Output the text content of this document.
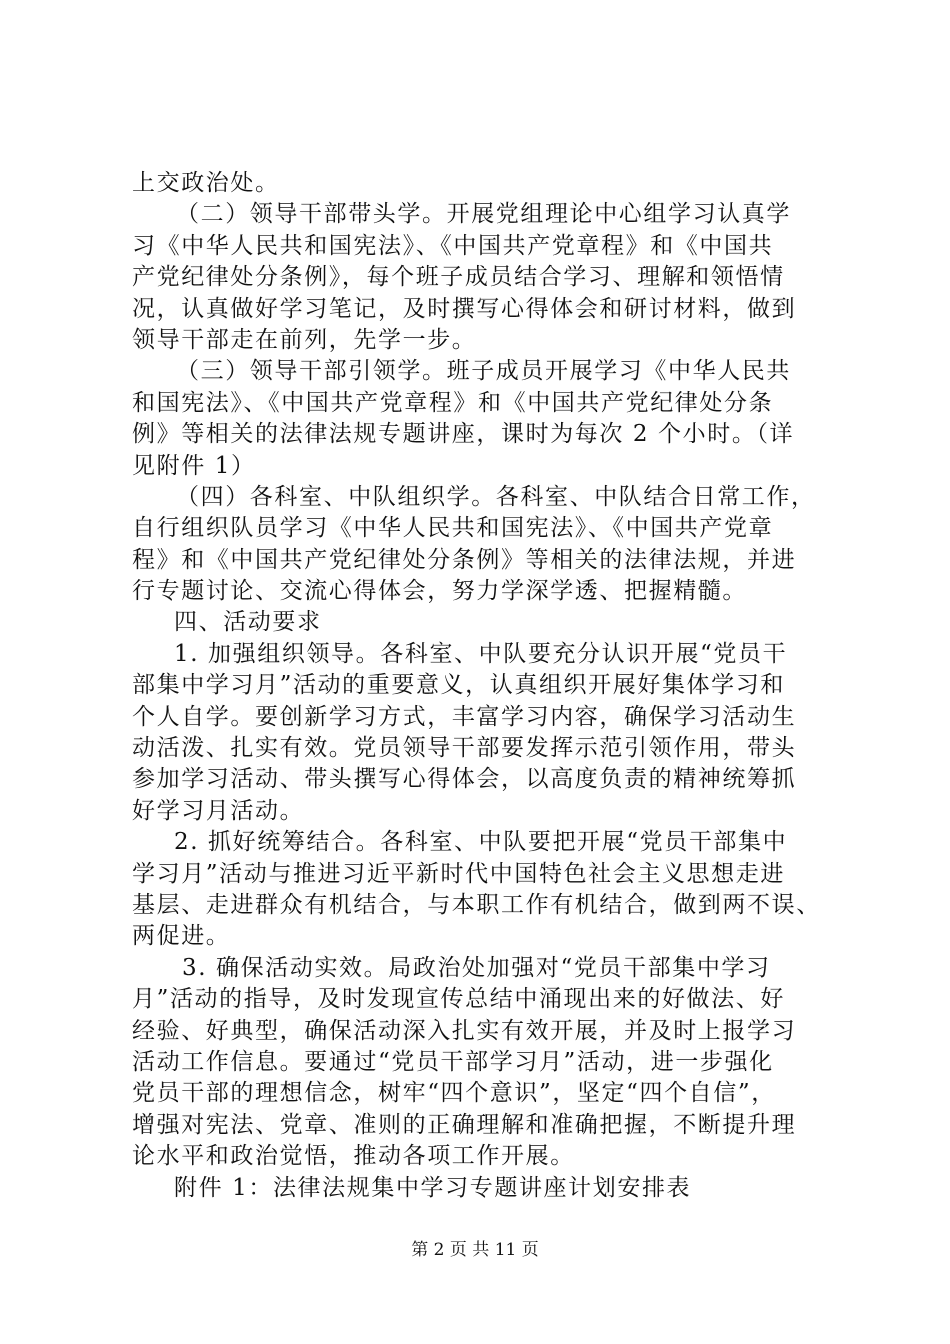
上交政治处。
（二）领导干部带头学。开展党组理论中心组学习认真学
习《中华人民共和国宪法》、《中国共产党章程》和《中国共
产党纪律处分条例》，每个班子成员结合学习、理解和领悟情
况，认真做好学习笔记，及时撰写心得体会和研讨材料，做到
领导干部走在前列，先学一步。
（三）领导干部引领学。班子成员开展学习《中华人民共
和国宪法》、《中国共产党章程》和《中国共产党纪律处分条
例》等相关的法律法规专题讲座，课时为每次 2 个小时。（详
见附件 1）
（四）各科室、中队组织学。各科室、中队结合日常工作，
自行组织队员学习《中华人民共和国宪法》、《中国共产党章
程》和《中国共产党纪律处分条例》等相关的法律法规，并进
行专题讨论、交流心得体会，努力学深学透、把握精髓。
四、活动要求
1. 加强组织领导。各科室、中队要充分认识开展“党员干
部集中学习月”活动的重要意义，认真组织开展好集体学习和
个人自学。要创新学习方式，丰富学习内容，确保学习活动生
动活泼、扎实有效。党员领导干部要发挥示范引领作用，带头
参加学习活动、带头撰写心得体会，以高度负责的精神统筹抓
好学习月活动。
2. 抓好统筹结合。各科室、中队要把开展“党员干部集中
学习月”活动与推进习近平新时代中国特色社会主义思想走进
基层、走进群众有机结合，与本职工作有机结合，做到两不误、
两促进。
3. 确保活动实效。局政治处加强对“党员干部集中学习
月”活动的指导，及时发现宣传总结中涌现出来的好做法、好
经验、好典型，确保活动深入扎实有效开展，并及时上报学习
活动工作信息。要通过“党员干部学习月”活动，进一步强化
党员干部的理想信念，树牢“四个意识”，坚定“四个自信”，
增强对宪法、党章、准则的正确理解和准确把握，不断提升理
论水平和政治觉悟，推动各项工作开展。
附件 1：法律法规集中学习专题讲座计划安排表
第 2 页 共 11 页
